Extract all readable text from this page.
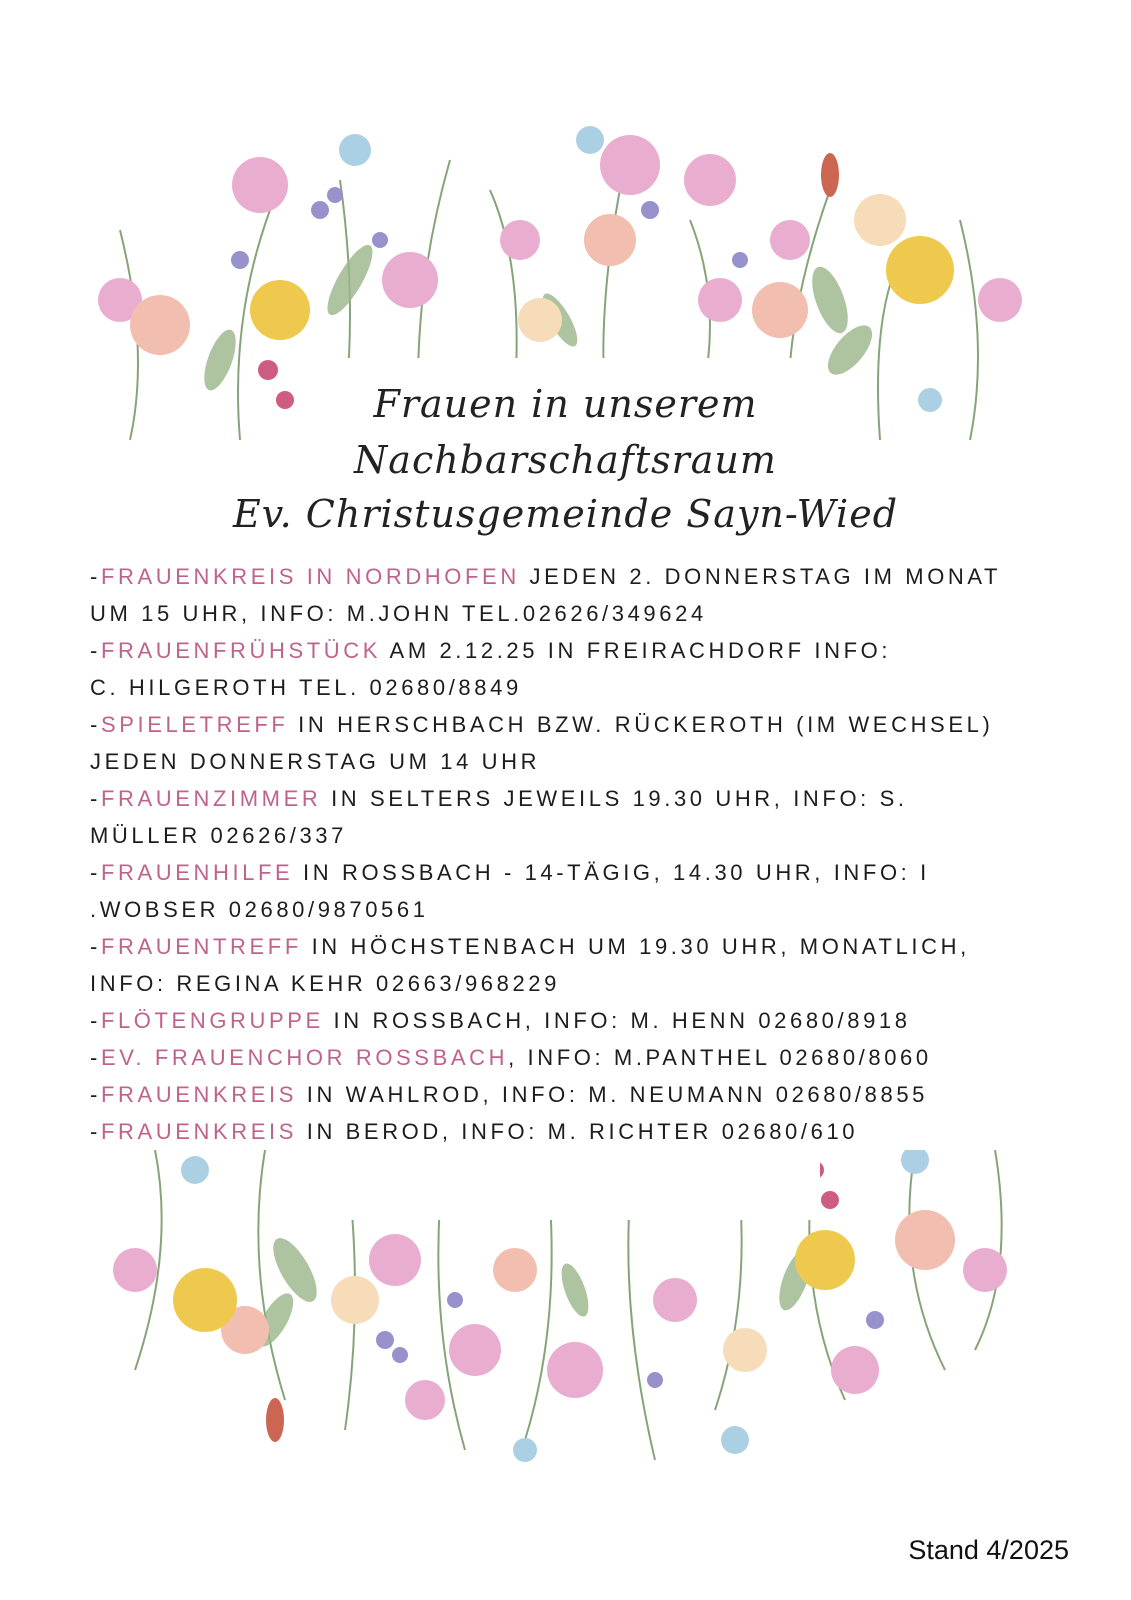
Frauen in unserem
Nachbarschaftsraum
Ev. Christusgemeinde Sayn-Wied
-FRAUENKREIS IN NORDHOFEN JEDEN 2. DONNERSTAG IM MONAT
UM 15 UHR, INFO: M.JOHN TEL.02626/349624
-FRAUENFRÜHSTÜCK AM 2.12.25 IN FREIRACHDORF INFO:
C. HILGEROTH TEL. 02680/8849
-SPIELETREFF IN HERSCHBACH BZW. RÜCKEROTH (IM WECHSEL)
JEDEN DONNERSTAG UM 14 UHR
-FRAUENZIMMER IN SELTERS JEWEILS 19.30 UHR, INFO: S.
MÜLLER 02626/337
-FRAUENHILFE IN ROSSBACH - 14-TÄGIG, 14.30 UHR, INFO: I
.WOBSER 02680/9870561
-FRAUENTREFF IN HÖCHSTENBACH UM 19.30 UHR, MONATLICH,
INFO: REGINA KEHR 02663/968229
-FLÖTENGRUPPE IN ROSSBACH, INFO: M. HENN 02680/8918
-EV. FRAUENCHOR ROSSBACH, INFO: M.PANTHEL 02680/8060
-FRAUENKREIS IN WAHLROD, INFO: M. NEUMANN 02680/8855
-FRAUENKREIS IN BEROD, INFO: M. RICHTER 02680/610
Stand 4/2025
